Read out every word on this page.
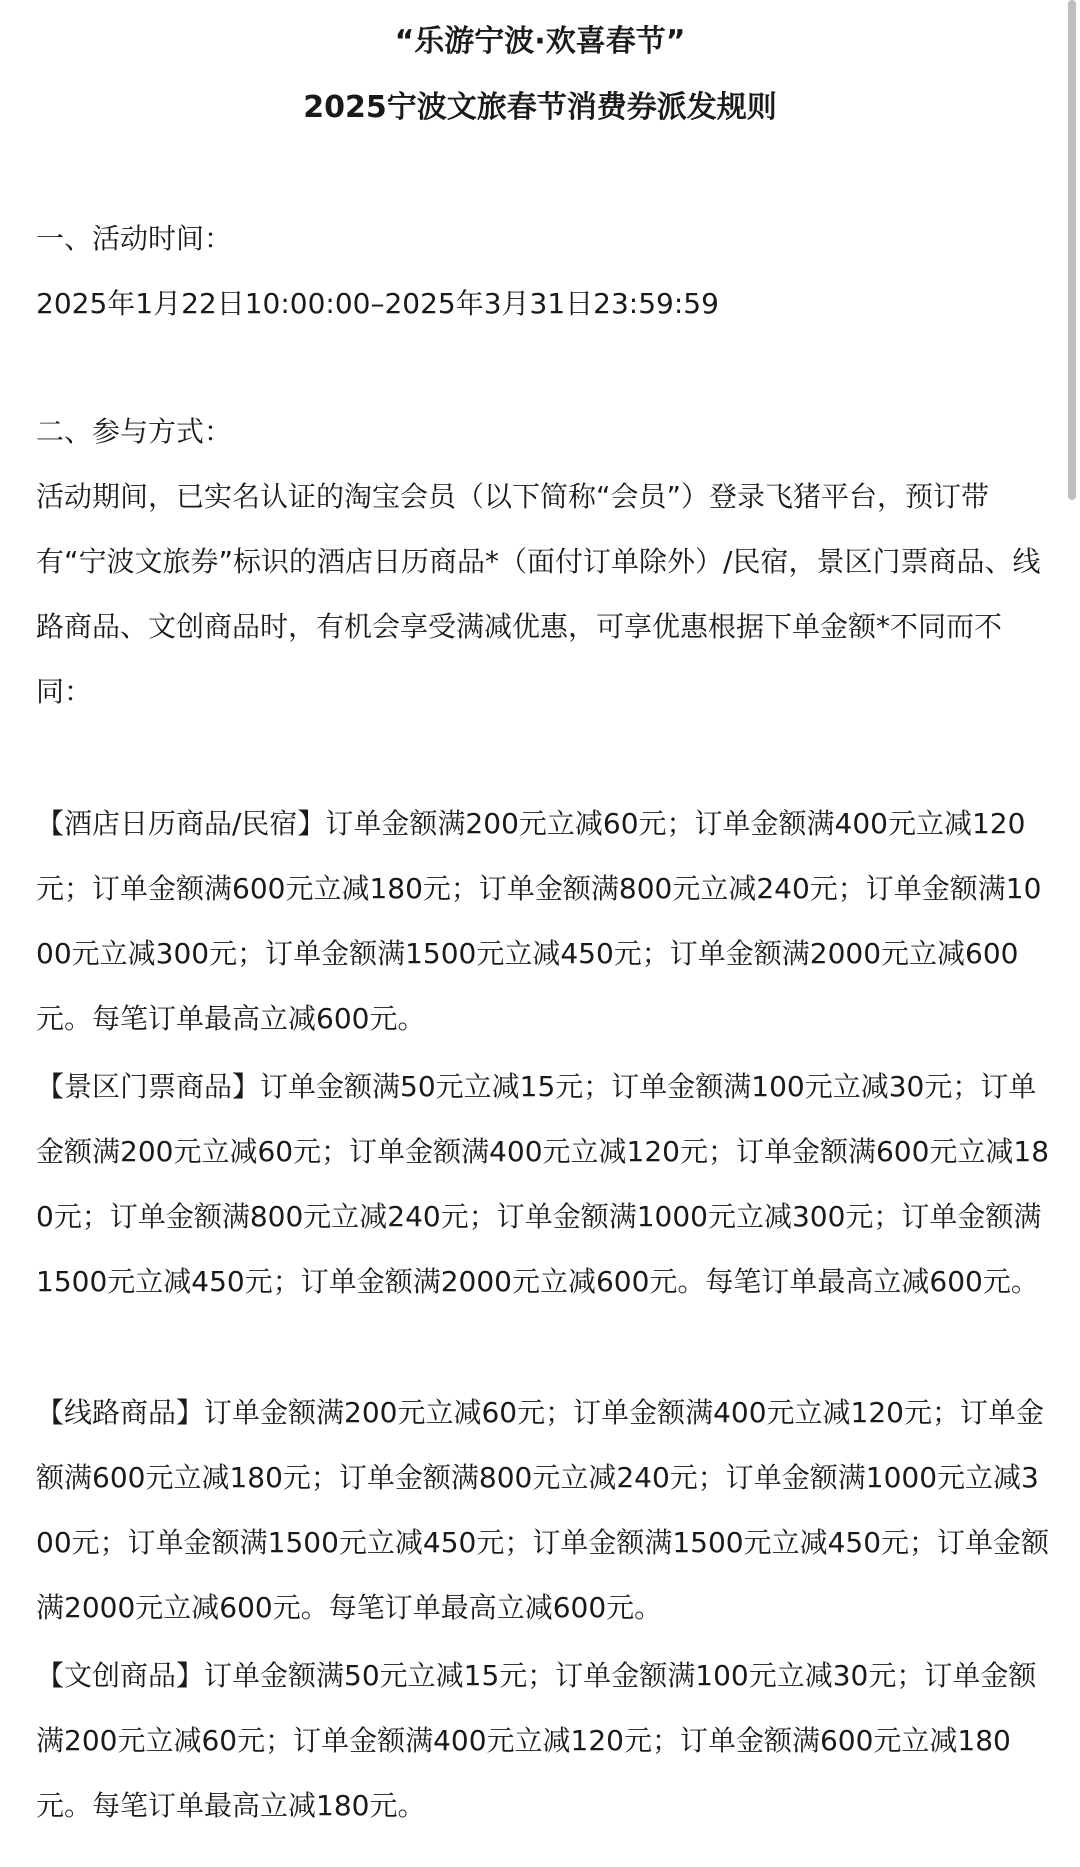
“乐游宁波·欢喜春节”
2025宁波文旅春节消费券派发规则
一、活动时间：
2025年1月22日10:00:00–2025年3月31日23:59:59
二、参与方式：
活动期间，已实名认证的淘宝会员（以下简称“会员”）登录飞猪平台，预订带有“宁波文旅券”标识的酒店日历商品*（面付订单除外）/民宿，景区门票商品、线路商品、文创商品时，有机会享受满减优惠，可享优惠根据下单金额*不同而不同：
【酒店日历商品/民宿】订单金额满200元立减60元；订单金额满400元立减120元；订单金额满600元立减180元；订单金额满800元立减240元；订单金额满1000元立减300元；订单金额满1500元立减450元；订单金额满2000元立减600元。每笔订单最高立减600元。
【景区门票商品】订单金额满50元立减15元；订单金额满100元立减30元；订单金额满200元立减60元；订单金额满400元立减120元；订单金额满600元立减180元；订单金额满800元立减240元；订单金额满1000元立减300元；订单金额满1500元立减450元；订单金额满2000元立减600元。每笔订单最高立减600元。
【线路商品】订单金额满200元立减60元；订单金额满400元立减120元；订单金额满600元立减180元；订单金额满800元立减240元；订单金额满1000元立减300元；订单金额满1500元立减450元；订单金额满1500元立减450元；订单金额满2000元立减600元。每笔订单最高立减600元。
【文创商品】订单金额满50元立减15元；订单金额满100元立减30元；订单金额满200元立减60元；订单金额满400元立减120元；订单金额满600元立减180元。每笔订单最高立减180元。
